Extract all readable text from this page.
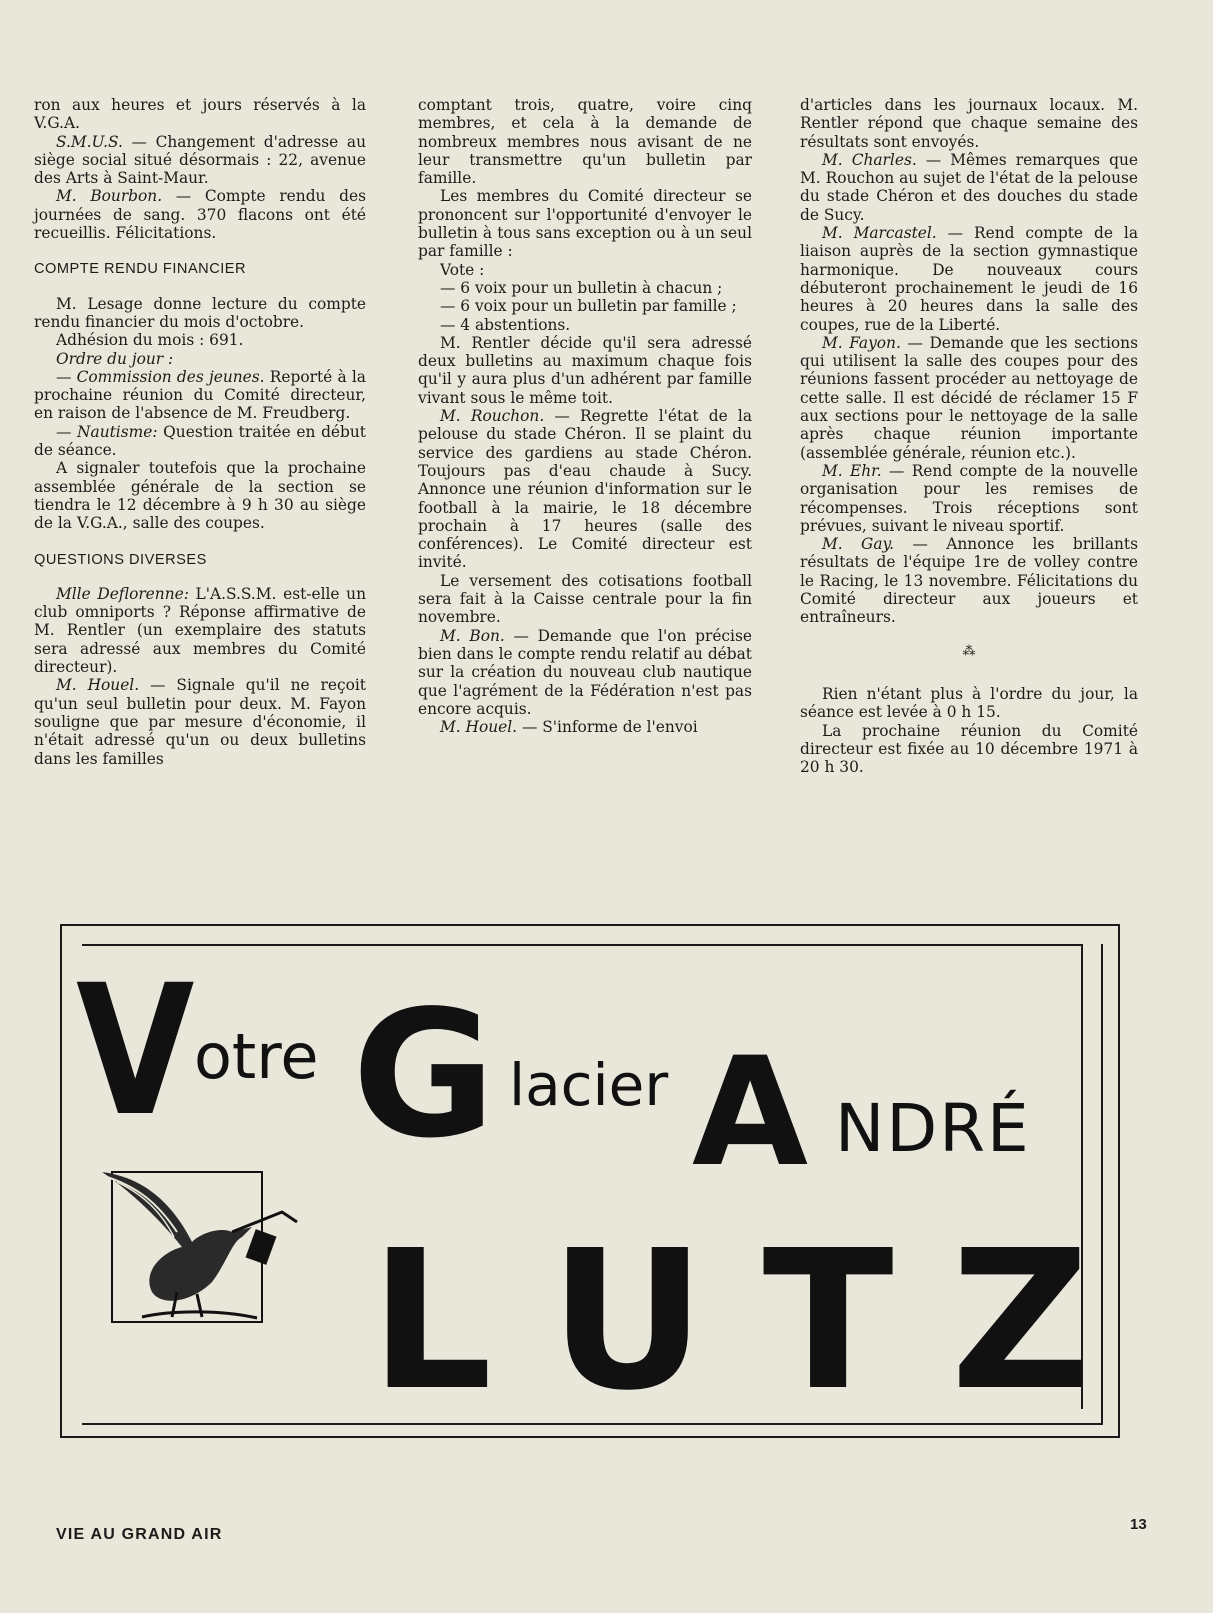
ron aux heures et jours réservés à la V.G.A.

S.M.U.S. — Changement d'adresse au siège social situé désormais : 22, avenue des Arts à Saint-Maur.

M. Bourbon. — Compte rendu des journées de sang. 370 flacons ont été recueillis. Félicitations.

COMPTE RENDU FINANCIER

M. Lesage donne lecture du compte rendu financier du mois d'octobre.

Adhésion du mois : 691.

Ordre du jour :

— Commission des jeunes. Reporté à la prochaine réunion du Comité directeur, en raison de l'absence de M. Freudberg.

— Nautisme: Question traitée en début de séance.

A signaler toutefois que la prochaine assemblée générale de la section se tiendra le 12 décembre à 9 h 30 au siège de la V.G.A., salle des coupes.

QUESTIONS DIVERSES

Mlle Deflorenne: L'A.S.S.M. est-elle un club omniports ? Réponse affirmative de M. Rentler (un exemplaire des statuts sera adressé aux membres du Comité directeur).

M. Houel. — Signale qu'il ne reçoit qu'un seul bulletin pour deux. M. Fayon souligne que par mesure d'économie, il n'était adressé qu'un ou deux bulletins dans les familles

comptant trois, quatre, voire cinq membres, et cela à la demande de nombreux membres nous avisant de ne leur transmettre qu'un bulletin par famille.

Les membres du Comité directeur se prononcent sur l'opportunité d'envoyer le bulletin à tous sans exception ou à un seul par famille :

Vote :

— 6 voix pour un bulletin à chacun ;

— 6 voix pour un bulletin par famille ;

— 4 abstentions.

M. Rentler décide qu'il sera adressé deux bulletins au maximum chaque fois qu'il y aura plus d'un adhérent par famille vivant sous le même toit.

M. Rouchon. — Regrette l'état de la pelouse du stade Chéron. Il se plaint du service des gardiens au stade Chéron. Toujours pas d'eau chaude à Sucy. Annonce une réunion d'information sur le football à la mairie, le 18 décembre prochain à 17 heures (salle des conférences). Le Comité directeur est invité.

Le versement des cotisations football sera fait à la Caisse centrale pour la fin novembre.

M. Bon. — Demande que l'on précise bien dans le compte rendu relatif au débat sur la création du nouveau club nautique que l'agrément de la Fédération n'est pas encore acquis.

M. Houel. — S'informe de l'envoi

d'articles dans les journaux locaux. M. Rentler répond que chaque semaine des résultats sont envoyés.

M. Charles. — Mêmes remarques que M. Rouchon au sujet de l'état de la pelouse du stade Chéron et des douches du stade de Sucy.

M. Marcastel. — Rend compte de la liaison auprès de la section gymnastique harmonique. De nouveaux cours débuteront prochainement le jeudi de 16 heures à 20 heures dans la salle des coupes, rue de la Liberté.

M. Fayon. — Demande que les sections qui utilisent la salle des coupes pour des réunions fassent procéder au nettoyage de cette salle. Il est décidé de réclamer 15 F aux sections pour le nettoyage de la salle après chaque réunion importante (assemblée générale, réunion etc.).

M. Ehr. — Rend compte de la nouvelle organisation pour les remises de récompenses. Trois réceptions sont prévues, suivant le niveau sportif.

M. Gay. — Annonce les brillants résultats de l'équipe 1re de volley contre le Racing, le 13 novembre. Félicitations du Comité directeur aux joueurs et entraîneurs.

⁂

Rien n'étant plus à l'ordre du jour, la séance est levée à 0 h 15.

La prochaine réunion du Comité directeur est fixée au 10 décembre 1971 à 20 h 30.

V otre G lacier A NDRÉ
L U T Z
VIE AU GRAND AIR
13
